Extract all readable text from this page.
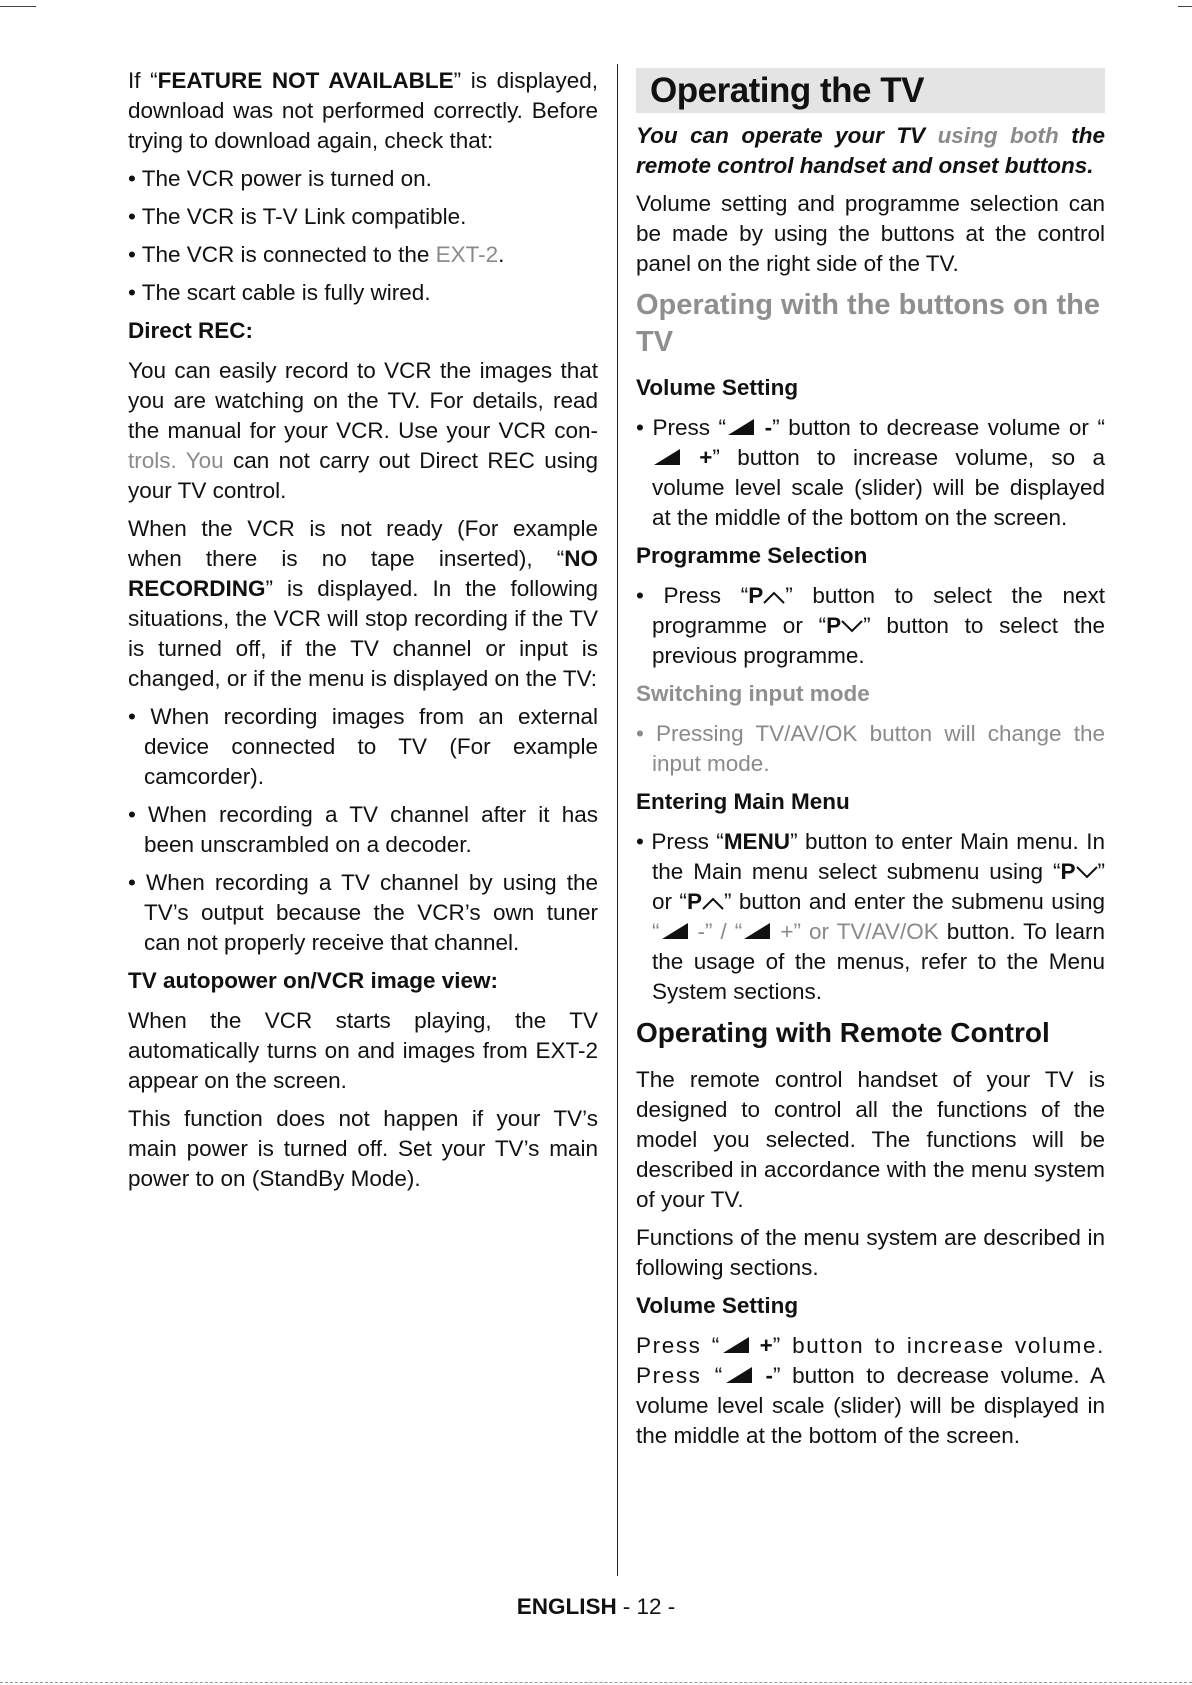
If “FEATURE NOT AVAILABLE” is displayed, download was not performed correctly. Before trying to download again, check that:

• The VCR power is turned on.
• The VCR is T-V Link compatible.
• The VCR is connected to the EXT-2.
• The scart cable is fully wired.
Direct REC:

You can easily record to VCR the images that you are watching on the TV. For details, read the manual for your VCR. Use your VCR con-trols. You can not carry out Direct REC using your TV control.

When the VCR is not ready (For example when there is no tape inserted), “NO RECORDING” is displayed. In the following situations, the VCR will stop recording if the TV is turned off, if the TV channel or input is changed, or if the menu is displayed on the TV:

• When recording images from an external device connected to TV (For example camcorder).
• When recording a TV channel after it has been unscrambled on a decoder.
• When recording a TV channel by using the TV’s output because the VCR’s own tuner can not properly receive that channel.
TV autopower on/VCR image view:

When the VCR starts playing, the TV automatically turns on and images from EXT-2 appear on the screen.

This function does not happen if your TV’s main power is turned off. Set your TV’s main power to on (StandBy Mode).

Operating the TV

You can operate your TV using both the remote control handset and onset buttons.

Volume setting and programme selection can be made by using the buttons at the control panel on the right side of the TV.

Operating with the buttons on the TV
Volume Setting
• Press “ -” button to decrease volume or “ +” button to increase volume, so a volume level scale (slider) will be displayed at the middle of the bottom on the screen.
Programme Selection
• Press “P ” button to select the next programme or “P ” button to select the previous programme.
Switching input mode
• Pressing TV/AV/OK button will change the input mode.
Entering Main Menu
• Press “MENU” button to enter Main menu. In the Main menu select submenu using “P ” or “P ” button and enter the submenu using “ -” / “ +” or TV/AV/OK button. To learn the usage of the menus, refer to the Menu System sections.
Operating with Remote Control

The remote control handset of your TV is designed to control all the functions of the model you selected. The functions will be described in accordance with the menu system of your TV.

Functions of the menu system are described in following sections.

Volume Setting

Press “ +” button to increase volume. Press “ -” button to decrease volume. A volume level scale (slider) will be displayed in the middle at the bottom of the screen.

ENGLISH - 12 -
